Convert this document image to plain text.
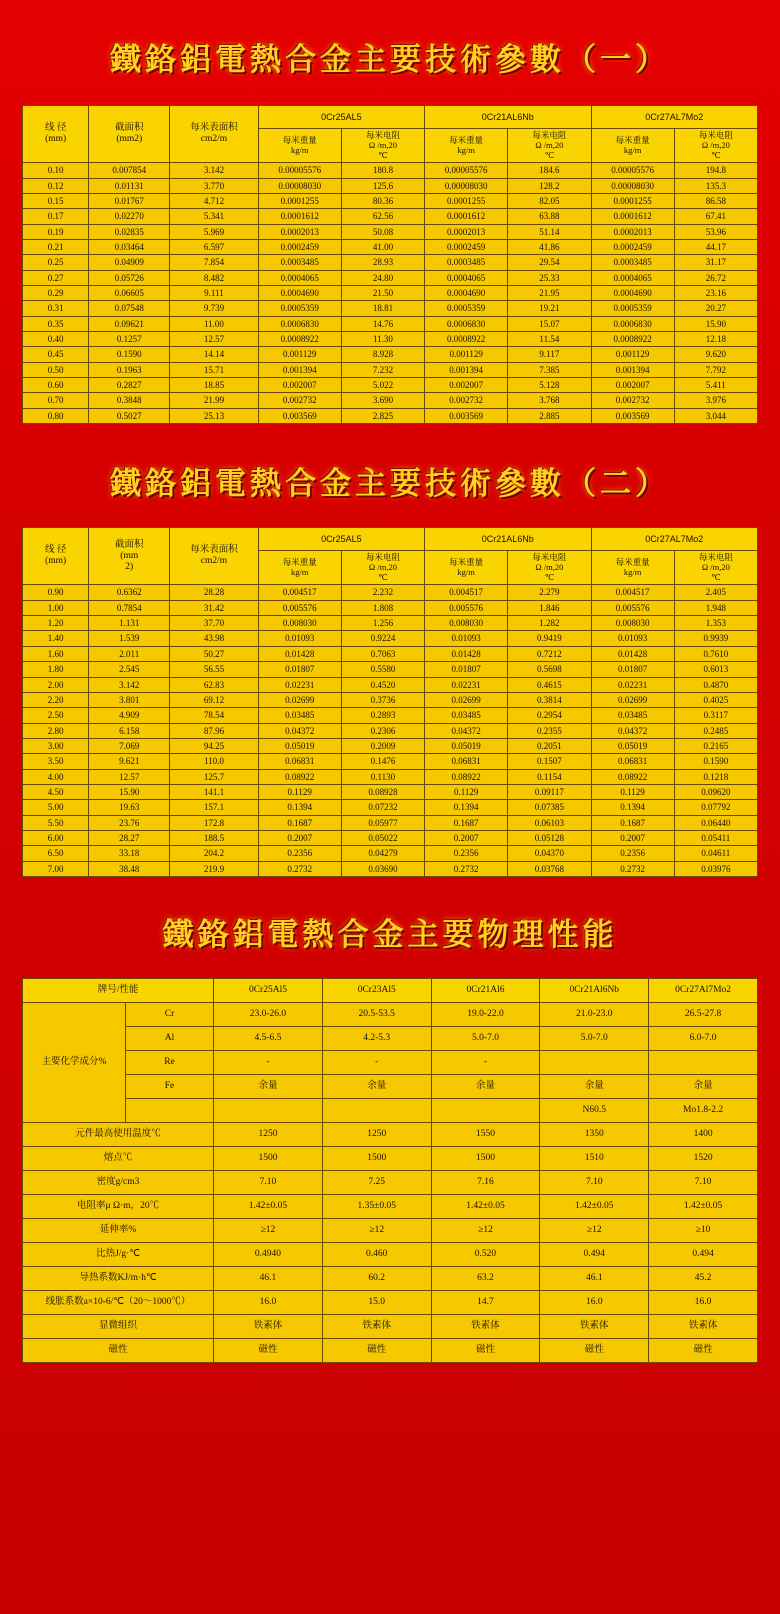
鐵鉻鋁電熱合金主要技術參數（一）
线 径
(mm)

截面积
(mm2)

每米表面积
cm2/m
	0Cr25AL5	0Cr21AL6Nb	0Cr27AL7Mo2

每米重量
kg/m

每米电阻
Ω /m,20
℃

每米重量
kg/m

每米电阻
Ω /m,20
℃

每米重量
kg/m

每米电阻
Ω /m,20
℃

0.10	0.007854	3.142	0.00005576	180.8	0.00005576	184.6	0.00005576	194.8
0.12	0.01131	3.770	0.00008030	125.6	0.00008030	128.2	0.00008030	135.3
0.15	0.01767	4.712	0.0001255	80.36	0.0001255	82.05	0.0001255	86.58
0.17	0.02270	5.341	0.0001612	62.56	0.0001612	63.88	0.0001612	67.41
0.19	0.02835	5.969	0.0002013	50.08	0.0002013	51.14	0.0002013	53.96
0.21	0.03464	6.597	0.0002459	41.00	0.0002459	41.86	0.0002459	44.17
0.25	0.04909	7.854	0.0003485	28.93	0.0003485	29.54	0.0003485	31.17
0.27	0.05726	8.482	0.0004065	24.80	0.0004065	25.33	0.0004065	26.72
0.29	0.06605	9.111	0.0004690	21.50	0.0004690	21.95	0.0004690	23.16
0.31	0.07548	9.739	0.0005359	18.81	0.0005359	19.21	0.0005359	20.27
0.35	0.09621	11.00	0.0006830	14.76	0.0006830	15.07	0.0006830	15.90
0.40	0.1257	12.57	0.0008922	11.30	0.0008922	11.54	0.0008922	12.18
0.45	0.1590	14.14	0.001129	8.928	0.001129	9.117	0.001129	9.620
0.50	0.1963	15.71	0.001394	7.232	0.001394	7.385	0.001394	7.792
0.60	0.2827	18.85	0.002007	5.022	0.002007	5.128	0.002007	5.411
0.70	0.3848	21.99	0.002732	3.690	0.002732	3.768	0.002732	3.976
0.80	0.5027	25.13	0.003569	2.825	0.003569	2.885	0.003569	3.044
鐵鉻鋁電熱合金主要技術參數（二）
线 径
(mm)

截面积
(mm
2)

每米表面积
cm2/m
	0Cr25AL5	0Cr21AL6Nb	0Cr27AL7Mo2

每米重量
kg/m

每米电阻
Ω /m,20
℃

每米重量
kg/m

每米电阻
Ω /m,20
℃

每米重量
kg/m

每米电阻
Ω /m,20
℃

0.90	0.6362	28.28	0.004517	2.232	0.004517	2.279	0.004517	2.405
1.00	0.7854	31.42	0.005576	1.808	0.005576	1.846	0.005576	1.948
1.20	1.131	37.70	0.008030	1.256	0.008030	1.282	0.008030	1.353
1.40	1.539	43.98	0.01093	0.9224	0.01093	0.9419	0.01093	0.9939
1.60	2.011	50.27	0.01428	0.7063	0.01428	0.7212	0.01428	0.7610
1.80	2.545	56.55	0.01807	0.5580	0.01807	0.5698	0.01807	0.6013
2.00	3.142	62.83	0.02231	0.4520	0.02231	0.4615	0.02231	0.4870
2.20	3.801	69.12	0.02699	0.3736	0.02699	0.3814	0.02699	0.4025
2.50	4.909	78.54	0.03485	0.2893	0.03485	0.2954	0.03485	0.3117
2.80	6.158	87.96	0.04372	0.2306	0.04372	0.2355	0.04372	0.2485
3.00	7.069	94.25	0.05019	0.2009	0.05019	0.2051	0.05019	0.2165
3.50	9.621	110.0	0.06831	0.1476	0.06831	0.1507	0.06831	0.1590
4.00	12.57	125.7	0.08922	0.1130	0.08922	0.1154	0.08922	0.1218
4.50	15.90	141.1	0.1129	0.08928	0.1129	0.09117	0.1129	0.09620
5.00	19.63	157.1	0.1394	0.07232	0.1394	0.07385	0.1394	0.07792
5.50	23.76	172.8	0.1687	0.05977	0.1687	0.06103	0.1687	0.06440
6.00	28.27	188.5	0.2007	0.05022	0.2007	0.05128	0.2007	0.05411
6.50	33.18	204.2	0.2356	0.04279	0.2356	0.04370	0.2356	0.04611
7.00	38.48	219.9	0.2732	0.03690	0.2732	0.03768	0.2732	0.03976
鐵鉻鋁電熱合金主要物理性能
牌号/性能		0Cr25Al5	0Cr23Al5	0Cr21Al6	0Cr21Al6Nb	0Cr27Al7Mo2
主要化学成分%	Cr	23.0-26.0	20.5-53.5	19.0-22.0	21.0-23.0	26.5-27.8
	Al	4.5-6.5	4.2-5.3	5.0-7.0	5.0-7.0	6.0-7.0
	Re	-	-	-		
	Fe	余量	余量	余量	余量	余量
					N60.5	Mo1.8-2.2
元件最高使用温度℃		1250	1250	1550	1350	1400
熔点℃		1500	1500	1500	1510	1520
密度g/cm3		7.10	7.25	7.16	7.10	7.10
电阻率μ Ω·m，20℃		1.42±0.05	1.35±0.05	1.42±0.05	1.42±0.05	1.42±0.05
延伸率%		≥12	≥12	≥12	≥12	≥10
比热J/g·℃		0.4940	0.460	0.520	0.494	0.494
导热系数KJ/m·h℃		46.1	60.2	63.2	46.1	45.2
线胀系数a×10-6/℃（20～1000℃）		16.0	15.0	14.7	16.0	16.0
显微组织		铁素体	铁素体	铁素体	铁素体	铁素体
磁性		磁性	磁性	磁性	磁性	磁性
